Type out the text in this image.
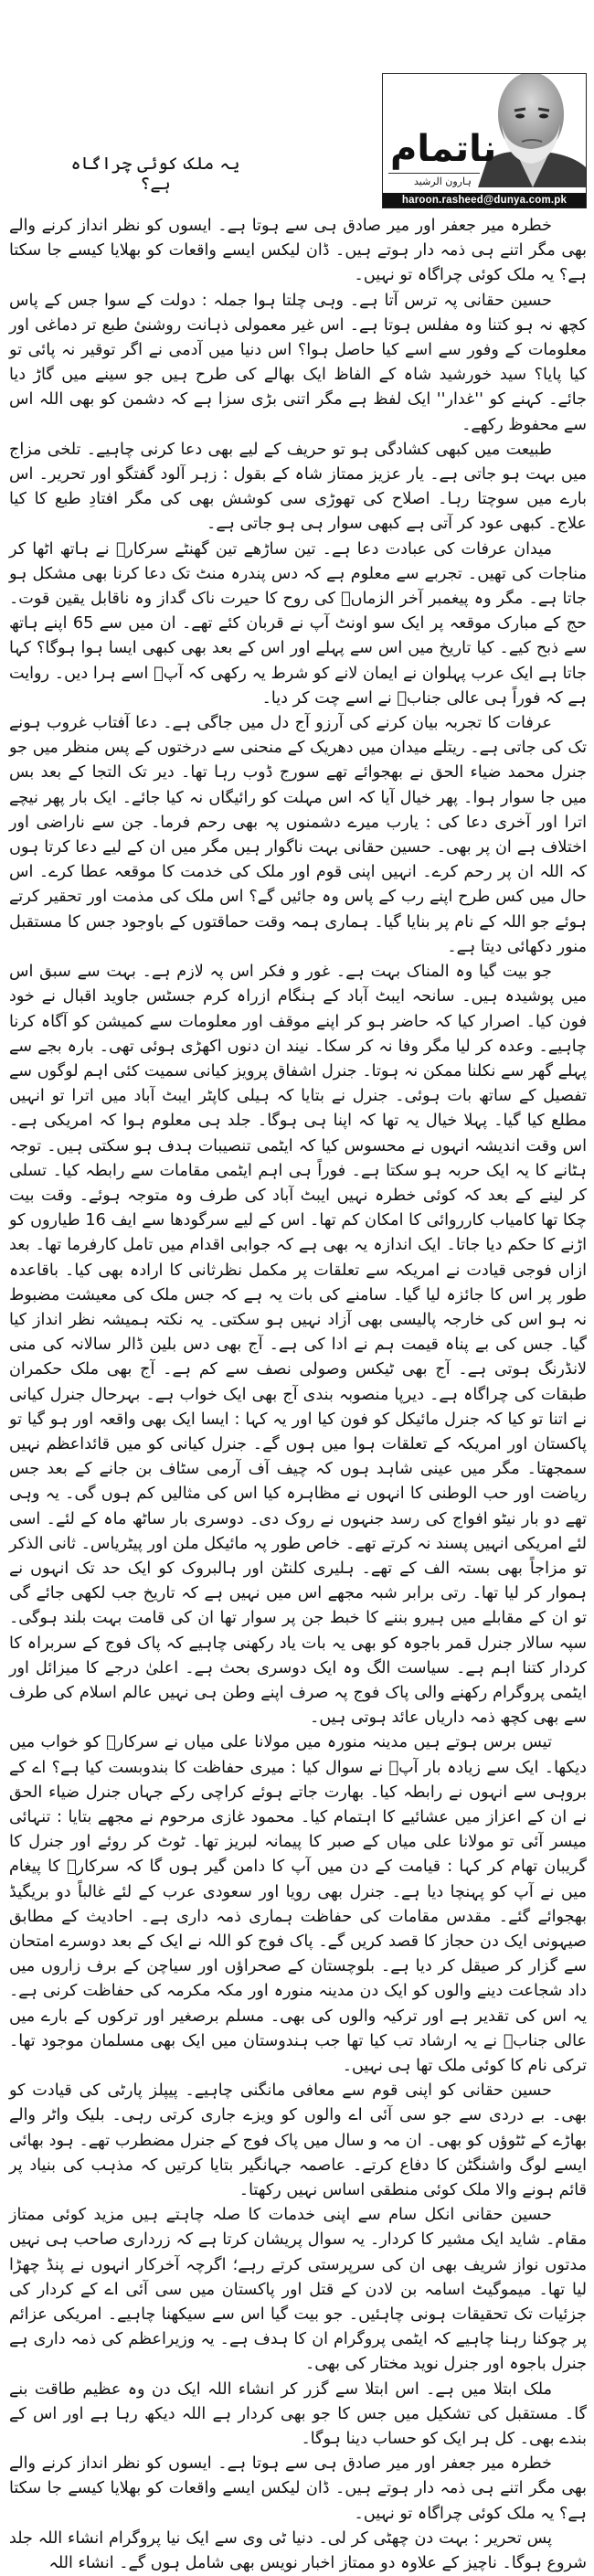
ناتمام
ہارون الرشید
haroon.rasheed@dunya.com.pk
یہ ملک کوئی چراگاہ ہے؟

خطرہ میر جعفر اور میر صادق ہی سے ہوتا ہے۔ ایسوں کو نظر انداز کرنے والے بھی مگر اتنے ہی ذمہ دار ہوتے ہیں۔ ڈان لیکس ایسے واقعات کو بھلایا کیسے جا سکتا ہے؟ یہ ملک کوئی چراگاہ تو نہیں۔

حسین حقانی پہ ترس آتا ہے۔ وہی چلتا ہوا جملہ : دولت کے سوا جس کے پاس کچھ نہ ہو کتنا وہ مفلس ہوتا ہے۔ اس غیر معمولی ذہانت روشنیٔ طبع تر دماغی اور معلومات کے وفور سے اسے کیا حاصل ہوا؟ اس دنیا میں آدمی نے اگر توقیر نہ پائی تو کیا پایا؟ سید خورشید شاہ کے الفاظ ایک بھالے کی طرح ہیں جو سینے میں گاڑ دیا جائے۔ کہنے کو ''غدار'' ایک لفظ ہے مگر اتنی بڑی سزا ہے کہ دشمن کو بھی اللہ اس سے محفوظ رکھے۔

طبیعت میں کبھی کشادگی ہو تو حریف کے لیے بھی دعا کرنی چاہیے۔ تلخی مزاج میں بہت ہو جاتی ہے۔ یار عزیز ممتاز شاہ کے بقول : زہر آلود گفتگو اور تحریر۔ اس بارے میں سوچتا رہا۔ اصلاح کی تھوڑی سی کوشش بھی کی مگر افتادِ طبع کا کیا علاج۔ کبھی عود کر آتی ہے کبھی سوار ہی ہو جاتی ہے۔

میدان عرفات کی عبادت دعا ہے۔ تین ساڑھے تین گھنٹے سرکارؐ نے ہاتھ اٹھا کر مناجات کی تھیں۔ تجربے سے معلوم ہے کہ دس پندرہ منٹ تک دعا کرنا بھی مشکل ہو جاتا ہے۔ مگر وہ پیغمبر آخر الزماںؐ کی روح کا حیرت ناک گداز وہ ناقابل یقین قوت۔ حج کے مبارک موقعہ پر ایک سو اونٹ آپ نے قربان کئے تھے۔ ان میں سے 65 اپنے ہاتھ سے ذبح کیے۔ کیا تاریخ میں اس سے پہلے اور اس کے بعد بھی کبھی ایسا ہوا ہوگا؟ کہا جاتا ہے ایک عرب پہلوان نے ایمان لانے کو شرط یہ رکھی کہ آپؐ اسے ہرا دیں۔ روایت ہے کہ فوراً ہی عالی جنابؐ نے اسے چت کر دیا۔

عرفات کا تجربہ بیان کرنے کی آرزو آج دل میں جاگی ہے۔ دعا آفتاب غروب ہونے تک کی جاتی ہے۔ ریتلے میدان میں دھریک کے منحنی سے درختوں کے پس منظر میں جو جنرل محمد ضیاء الحق نے بھجوائے تھے سورج ڈوب رہا تھا۔ دیر تک التجا کے بعد بس میں جا سوار ہوا۔ پھر خیال آیا کہ اس مہلت کو رائیگاں نہ کیا جائے۔ ایک بار پھر نیچے اترا اور آخری دعا کی : یارب میرے دشمنوں پہ بھی رحم فرما۔ جن سے ناراضی اور اختلاف ہے ان پر بھی۔ حسین حقانی بہت ناگوار ہیں مگر میں ان کے لیے دعا کرتا ہوں کہ اللہ ان پر رحم کرے۔ انہیں اپنی قوم اور ملک کی خدمت کا موقعہ عطا کرے۔ اس حال میں کس طرح اپنے رب کے پاس وہ جائیں گے؟ اس ملک کی مذمت اور تحقیر کرتے ہوئے جو اللہ کے نام پر بنایا گیا۔ ہماری ہمہ وقت حماقتوں کے باوجود جس کا مستقبل منور دکھائی دیتا ہے۔

جو بیت گیا وہ المناک بہت ہے۔ غور و فکر اس پہ لازم ہے۔ بہت سے سبق اس میں پوشیدہ ہیں۔ سانحہ ایبٹ آباد کے ہنگام ازراہ کرم جسٹس جاوید اقبال نے خود فون کیا۔ اصرار کیا کہ حاضر ہو کر اپنے موقف اور معلومات سے کمیشن کو آگاہ کرنا چاہیے۔ وعدہ کر لیا مگر وفا نہ کر سکا۔ نیند ان دنوں اکھڑی ہوئی تھی۔ بارہ بجے سے پہلے گھر سے نکلنا ممکن نہ ہوتا۔ جنرل اشفاق پرویز کیانی سمیت کئی اہم لوگوں سے تفصیل کے ساتھ بات ہوئی۔ جنرل نے بتایا کہ ہیلی کاپٹر ایبٹ آباد میں اترا تو انہیں مطلع کیا گیا۔ پہلا خیال یہ تھا کہ اپنا ہی ہوگا۔ جلد ہی معلوم ہوا کہ امریکی ہے۔ اس وقت اندیشہ انہوں نے محسوس کیا کہ ایٹمی تنصیبات ہدف ہو سکتی ہیں۔ توجہ ہٹانے کا یہ ایک حربہ ہو سکتا ہے۔ فوراً ہی اہم ایٹمی مقامات سے رابطہ کیا۔ تسلی کر لینے کے بعد کہ کوئی خطرہ نہیں ایبٹ آباد کی طرف وہ متوجہ ہوئے۔ وقت بیت چکا تھا کامیاب کارروائی کا امکان کم تھا۔ اس کے لیے سرگودھا سے ایف 16 طیاروں کو اڑنے کا حکم دیا جاتا۔ ایک اندازہ یہ بھی ہے کہ جوابی اقدام میں تامل کارفرما تھا۔ بعد ازاں فوجی قیادت نے امریکہ سے تعلقات پر مکمل نظرثانی کا ارادہ بھی کیا۔ باقاعدہ طور پر اس کا جائزہ لیا گیا۔ سامنے کی بات یہ ہے کہ جس ملک کی معیشت مضبوط نہ ہو اس کی خارجہ پالیسی بھی آزاد نہیں ہو سکتی۔ یہ نکتہ ہمیشہ نظر انداز کیا گیا۔ جس کی بے پناہ قیمت ہم نے ادا کی ہے۔ آج بھی دس بلین ڈالر سالانہ کی منی لانڈرنگ ہوتی ہے۔ آج بھی ٹیکس وصولی نصف سے کم ہے۔ آج بھی ملک حکمران طبقات کی چراگاہ ہے۔ دیرپا منصوبہ بندی آج بھی ایک خواب ہے۔ بہرحال جنرل کیانی نے اتنا تو کیا کہ جنرل مائیکل کو فون کیا اور یہ کہا : ایسا ایک بھی واقعہ اور ہو گیا تو پاکستان اور امریکہ کے تعلقات ہوا میں ہوں گے۔ جنرل کیانی کو میں قائداعظم نہیں سمجھتا۔ مگر میں عینی شاہد ہوں کہ چیف آف آرمی سٹاف بن جانے کے بعد جس ریاضت اور حب الوطنی کا انہوں نے مظاہرہ کیا اس کی مثالیں کم ہوں گی۔ یہ وہی تھے دو بار نیٹو افواج کی رسد جنہوں نے روک دی۔ دوسری بار ساٹھ ماہ کے لئے۔ اسی لئے امریکی انہیں پسند نہ کرتے تھے۔ خاص طور پہ مائیکل ملن اور پیٹریاس۔ ثانی الذکر تو مزاجاً بھی بستہ الف کے تھے۔ ہلیری کلنٹن اور ہالبروک کو ایک حد تک انہوں نے ہموار کر لیا تھا۔ رتی برابر شبہ مجھے اس میں نہیں ہے کہ تاریخ جب لکھی جائے گی تو ان کے مقابلے میں ہیرو بننے کا خبط جن پر سوار تھا ان کی قامت بہت بلند ہوگی۔ سپہ سالار جنرل قمر باجوہ کو بھی یہ بات یاد رکھنی چاہیے کہ پاک فوج کے سربراہ کا کردار کتنا اہم ہے۔ سیاست الگ وہ ایک دوسری بحث ہے۔ اعلیٰ درجے کا میزائل اور ایٹمی پروگرام رکھنے والی پاک فوج پہ صرف اپنے وطن ہی نہیں عالم اسلام کی طرف سے بھی کچھ ذمہ داریاں عائد ہوتی ہیں۔

تیس برس ہوتے ہیں مدینہ منورہ میں مولانا علی میاں نے سرکارؐ کو خواب میں دیکھا۔ ایک سے زیادہ بار آپؐ نے سوال کیا : میری حفاظت کا بندوبست کیا ہے؟ اے کے بروہی سے انہوں نے رابطہ کیا۔ بھارت جاتے ہوئے کراچی رکے جہاں جنرل ضیاء الحق نے ان کے اعزاز میں عشائیے کا اہتمام کیا۔ محمود غازی مرحوم نے مجھے بتایا : تنہائی میسر آئی تو مولانا علی میاں کے صبر کا پیمانہ لبریز تھا۔ ٹوٹ کر روئے اور جنرل کا گریبان تھام کر کہا : قیامت کے دن میں آپ کا دامن گیر ہوں گا کہ سرکارؐ کا پیغام میں نے آپ کو پہنچا دیا ہے۔ جنرل بھی رویا اور سعودی عرب کے لئے غالباً دو بریگیڈ بھجوائے گئے۔ مقدس مقامات کی حفاظت ہماری ذمہ داری ہے۔ احادیث کے مطابق صیہونی ایک دن حجاز کا قصد کریں گے۔ پاک فوج کو اللہ نے ایک کے بعد دوسرے امتحان سے گزار کر صیقل کر دیا ہے۔ بلوچستان کے صحراؤں اور سیاچن کے برف زاروں میں داد شجاعت دینے والوں کو ایک دن مدینہ منورہ اور مکہ مکرمہ کی حفاظت کرنی ہے۔ یہ اس کی تقدیر ہے اور ترکیہ والوں کی بھی۔ مسلم برصغیر اور ترکوں کے بارے میں عالی جنابؐ نے یہ ارشاد تب کیا تھا جب ہندوستان میں ایک بھی مسلمان موجود تھا۔ ترکی نام کا کوئی ملک تھا ہی نہیں۔

حسین حقانی کو اپنی قوم سے معافی مانگنی چاہیے۔ پیپلز پارٹی کی قیادت کو بھی۔ بے دردی سے جو سی آئی اے والوں کو ویزے جاری کرتی رہی۔ بلیک واٹر والے بھاڑے کے ٹٹوؤں کو بھی۔ ان مہ و سال میں پاک فوج کے جنرل مضطرب تھے۔ ہود بھائی ایسے لوگ واشنگٹن کا دفاع کرتے۔ عاصمہ جہانگیر بتایا کرتیں کہ مذہب کی بنیاد پر قائم ہونے والا ملک کوئی منطقی اساس نہیں رکھتا۔

حسین حقانی انکل سام سے اپنی خدمات کا صلہ چاہتے ہیں مزید کوئی ممتاز مقام۔ شاید ایک مشیر کا کردار۔ یہ سوال پریشان کرتا ہے کہ زرداری صاحب ہی نہیں مدتوں نواز شریف بھی ان کی سرپرستی کرتے رہے؛ اگرچہ آخرکار انہوں نے پنڈ چھڑا لیا تھا۔ میموگیٹ اسامہ بن لادن کے قتل اور پاکستان میں سی آئی اے کے کردار کی جزئیات تک تحقیقات ہونی چاہئیں۔ جو بیت گیا اس سے سیکھنا چاہیے۔ امریکی عزائم پر چوکنا رہنا چاہیے کہ ایٹمی پروگرام ان کا ہدف ہے۔ یہ وزیراعظم کی ذمہ داری ہے جنرل باجوہ اور جنرل نوید مختار کی بھی۔

ملک ابتلا میں ہے۔ اس ابتلا سے گزر کر انشاء اللہ ایک دن وہ عظیم طاقت بنے گا۔ مستقبل کی تشکیل میں جس کا جو بھی کردار ہے اللہ دیکھ رہا ہے اور اس کے بندے بھی۔ کل ہر ایک کو حساب دینا ہوگا۔

خطرہ میر جعفر اور میر صادق ہی سے ہوتا ہے۔ ایسوں کو نظر انداز کرنے والے بھی مگر اتنے ہی ذمہ دار ہوتے ہیں۔ ڈان لیکس ایسے واقعات کو بھلایا کیسے جا سکتا ہے؟ یہ ملک کوئی چراگاہ تو نہیں۔

پس تحریر : بہت دن چھٹی کر لی۔ دنیا ٹی وی سے ایک نیا پروگرام انشاء اللہ جلد شروع ہوگا۔ ناچیز کے علاوہ دو ممتاز اخبار نویس بھی شامل ہوں گے۔ انشاء اللہ
